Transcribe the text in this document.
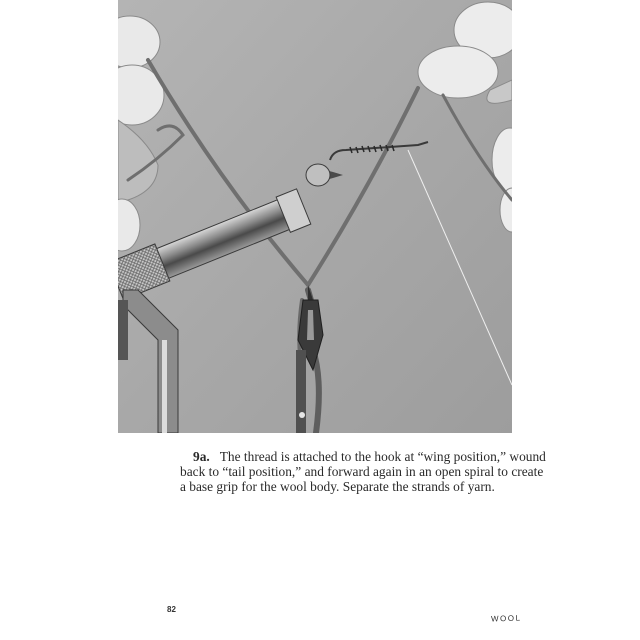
9a. The thread is attached to the hook at “wing position,” wound
back to “tail position,” and forward again in an open spiral to create
a base grip for the wool body. Separate the strands of yarn.
82
WOOL
